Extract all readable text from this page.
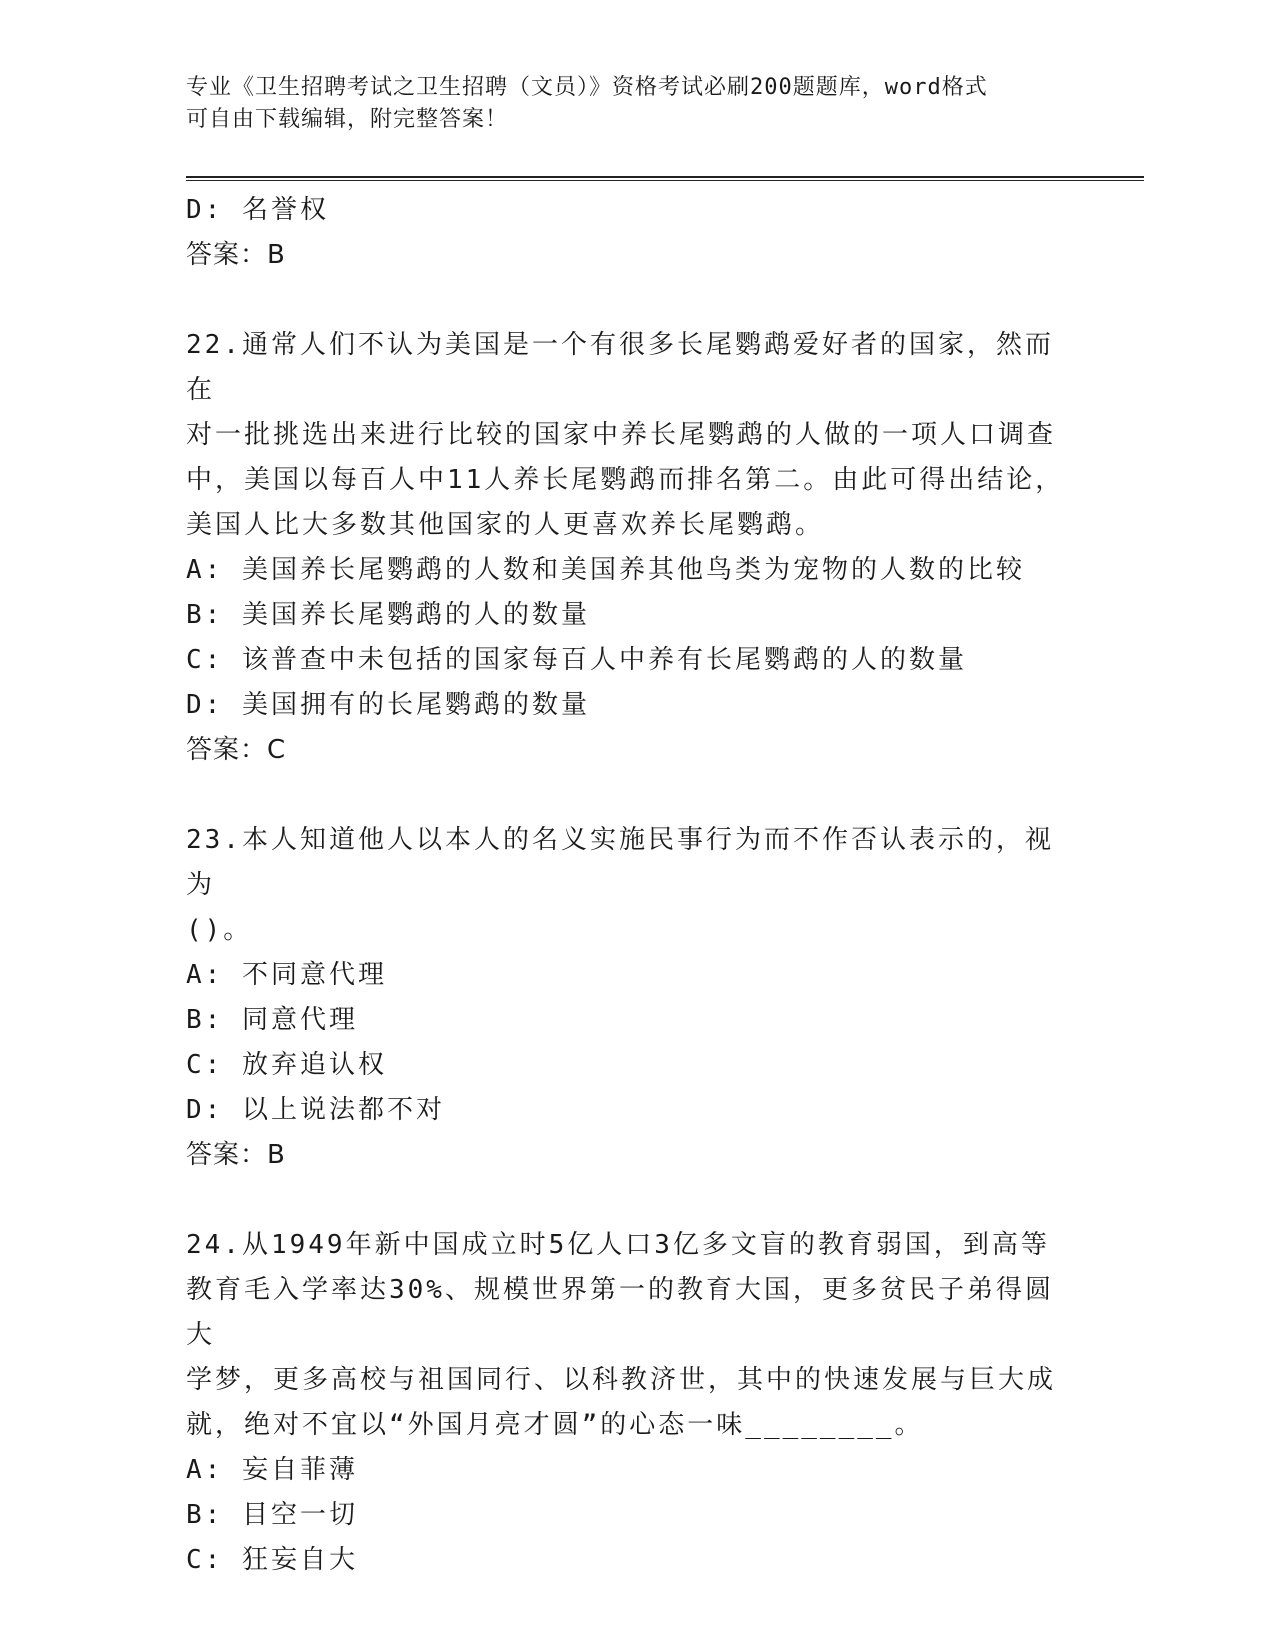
专业《卫生招聘考试之卫生招聘（文员）》资格考试必刷200题题库，word格式
可自由下载编辑，附完整答案！
D: 名誉权
答案：B
22.通常人们不认为美国是一个有很多长尾鹦鹉爱好者的国家，然而在
对一批挑选出来进行比较的国家中养长尾鹦鹉的人做的一项人口调查
中，美国以每百人中11人养长尾鹦鹉而排名第二。由此可得出结论，
美国人比大多数其他国家的人更喜欢养长尾鹦鹉。
A: 美国养长尾鹦鹉的人数和美国养其他鸟类为宠物的人数的比较
B: 美国养长尾鹦鹉的人的数量
C: 该普查中未包括的国家每百人中养有长尾鹦鹉的人的数量
D: 美国拥有的长尾鹦鹉的数量
答案：C
23.本人知道他人以本人的名义实施民事行为而不作否认表示的，视为
()。
A: 不同意代理
B: 同意代理
C: 放弃追认权
D: 以上说法都不对
答案：B
24.从1949年新中国成立时5亿人口3亿多文盲的教育弱国，到高等
教育毛入学率达30%、规模世界第一的教育大国，更多贫民子弟得圆大
学梦，更多高校与祖国同行、以科教济世，其中的快速发展与巨大成
就，绝对不宜以“外国月亮才圆”的心态一味________。
A: 妄自菲薄
B: 目空一切
C: 狂妄自大
